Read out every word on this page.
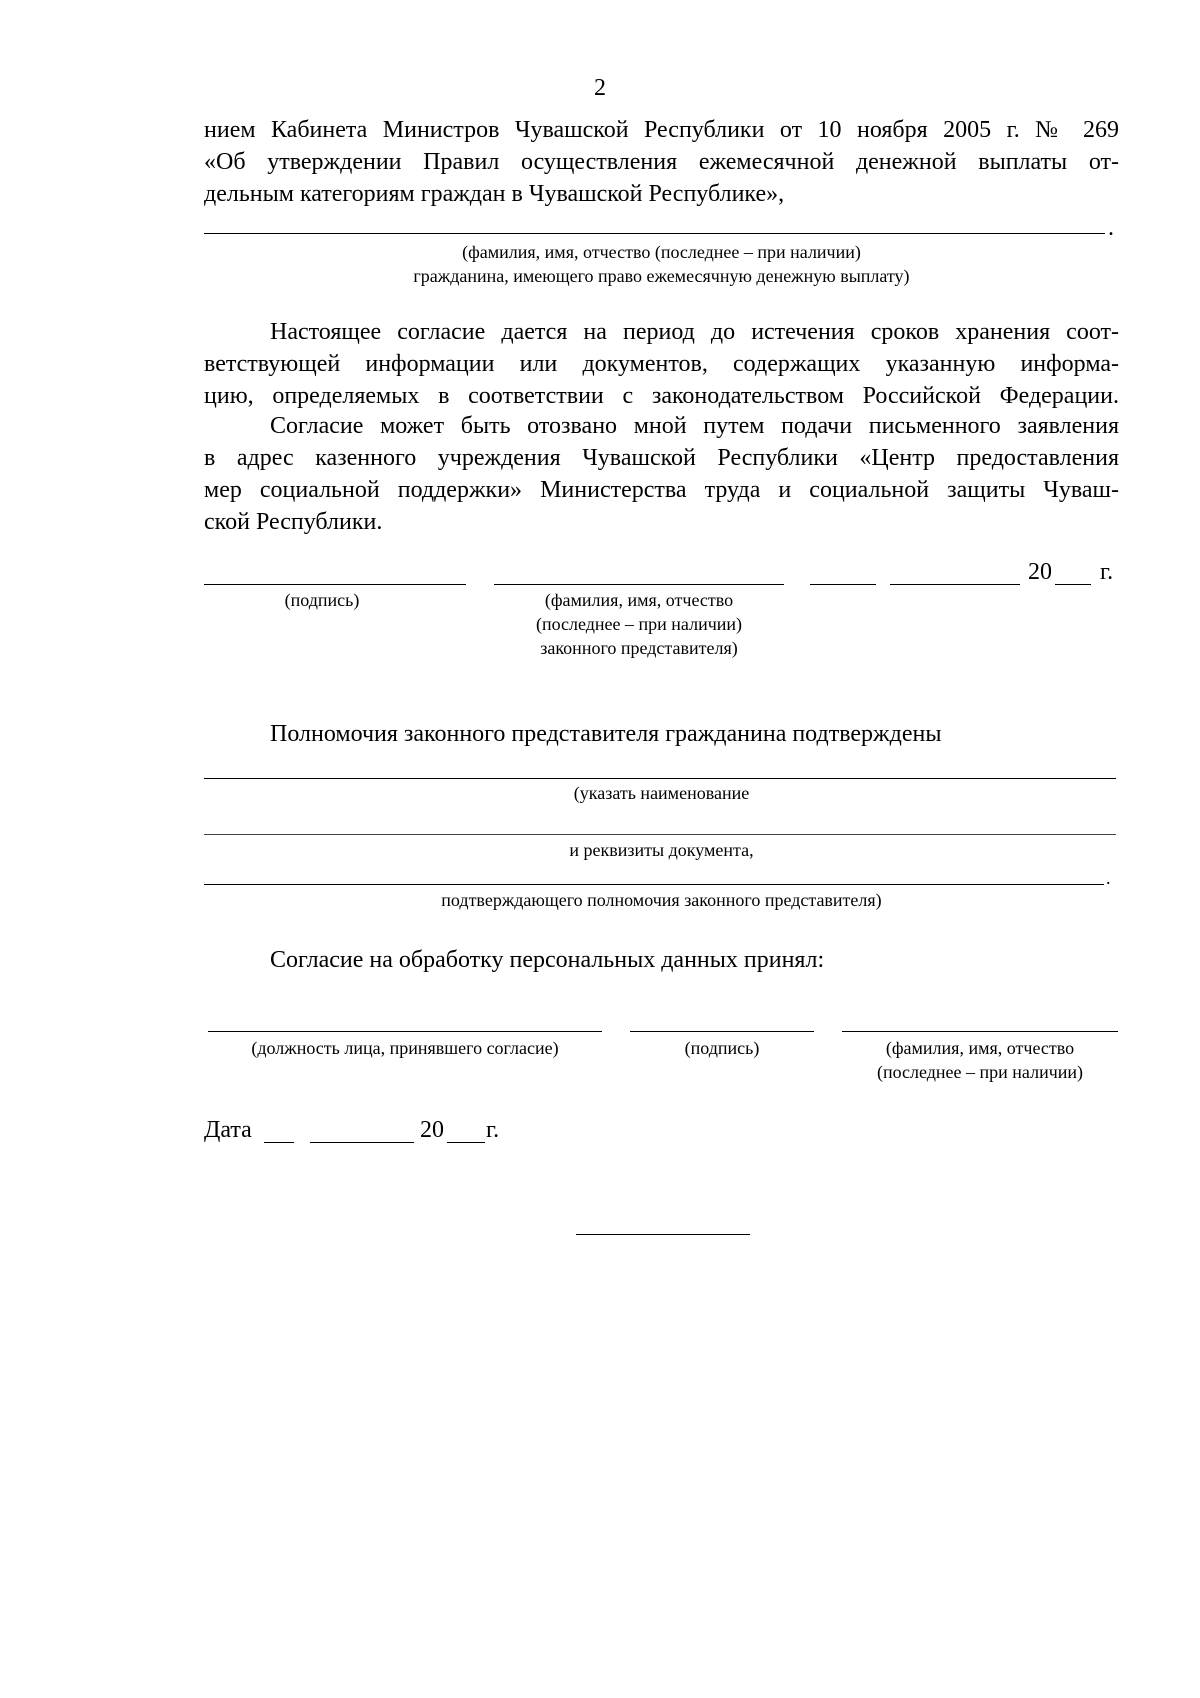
2
нием Кабинета Министров Чувашской Республики от 10 ноября 2005 г. № 269
«Об утверждении Правил осуществления ежемесячной денежной выплаты от-
дельным категориям граждан в Чувашской Республике»,
.
(фамилия, имя, отчество (последнее – при наличии)
гражданина, имеющего право ежемесячную денежную выплату)
Настоящее согласие дается на период до истечения сроков хранения соот-
ветствующей информации или документов, содержащих указанную информа-
цию, определяемых в соответствии с законодательством Российской Федерации.
Согласие может быть отозвано мной путем подачи письменного заявления
в адрес казенного учреждения Чувашской Республики «Центр предоставления
мер социальной поддержки» Министерства труда и социальной защиты Чуваш-
ской Республики.
20 г.
(подпись)	(фамилия, имя, отчество
(последнее – при наличии)
законного представителя)
Полномочия законного представителя гражданина подтверждены
(указать наименование
и реквизиты документа,
.
подтверждающего полномочия законного представителя)
Согласие на обработку персональных данных принял:
(должность лица, принявшего согласие)	(подпись)	(фамилия, имя, отчество
(последнее – при наличии)
Дата	20 г.
